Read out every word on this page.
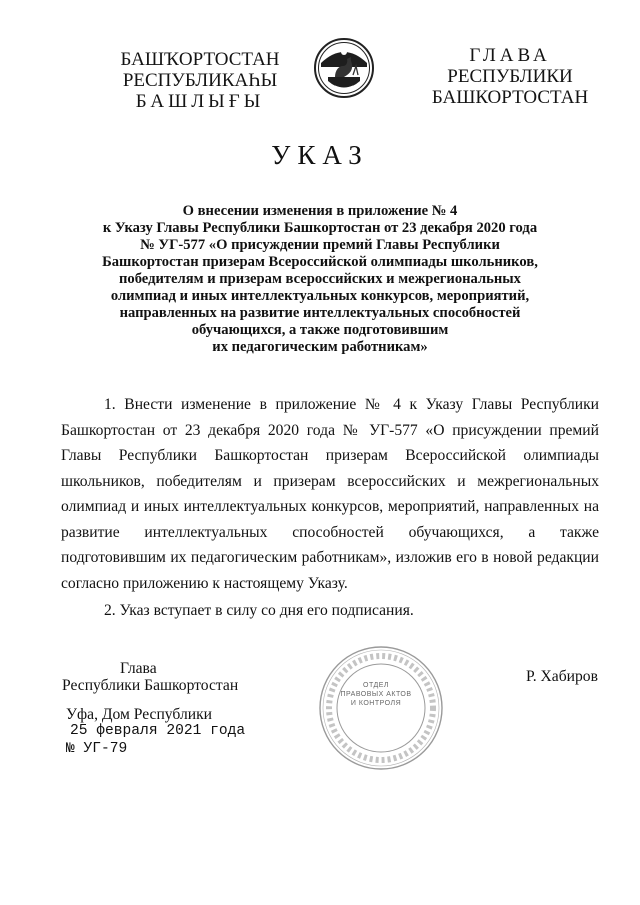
БАШҠОРТОСТАН
РЕСПУБЛИКАҺЫ
БАШЛЫҒЫ
ГЛАВА
РЕСПУБЛИКИ
БАШКОРТОСТАН
УКАЗ
О внесении изменения в приложение № 4
к Указу Главы Республики Башкортостан от 23 декабря 2020 года
№ УГ-577 «О присуждении премий Главы Республики
Башкортостан призерам Всероссийской олимпиады школьников,
победителям и призерам всероссийских и межрегиональных
олимпиад и иных интеллектуальных конкурсов, мероприятий,
направленных на развитие интеллектуальных способностей
обучающихся, а также подготовившим
их педагогическим работникам»

1. Внести изменение в приложение № 4 к Указу Главы Республики Башкортостан от 23 декабря 2020 года № УГ-577 «О присуждении премий Главы Республики Башкортостан призерам Всероссийской олимпиады школьников, победителям и призерам всероссийских и межрегиональных олимпиад и иных интеллектуальных конкурсов, мероприятий, направленных на развитие интеллектуальных способностей обучающихся, а также подготовившим их педагогическим работникам», изложив его в новой редакции согласно приложению к настоящему Указу.

2. Указ вступает в силу со дня его подписания.

ОТДЕЛ
ПРАВОВЫХ АКТОВ
И КОНТРОЛЯ
Глава
Республики Башкортостан
Р. Хабиров
Уфа, Дом Республики
25 февраля 2021 года
№ УГ-79
